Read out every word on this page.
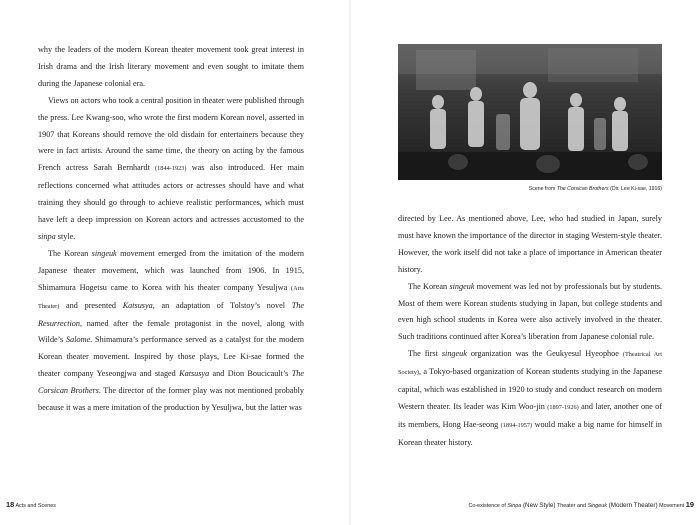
why the leaders of the modern Korean theater movement took great interest in Irish drama and the Irish literary movement and even sought to imitate them during the Japanese colonial era.

Views on actors who took a central position in theater were published through the press. Lee Kwang-soo, who wrote the first modern Korean novel, asserted in 1907 that Koreans should remove the old disdain for entertainers because they were in fact artists. Around the same time, the theory on acting by the famous French actress Sarah Bernhardt (1844-1923) was also introduced. Her main reflections concerned what attitudes actors or actresses should have and what training they should go through to achieve realistic performances, which must have left a deep impression on Korean actors and actresses accustomed to the sinpa style.

The Korean singeuk movement emerged from the imitation of the modern Japanese theater movement, which was launched from 1906. In 1915, Shimamura Hogetsu came to Korea with his theater company Yesuljwa (Arts Theater) and presented Katsusya, an adaptation of Tolstoy’s novel The Resurrection, named after the female protagonist in the novel, along with Wilde’s Salome. Shimamura’s performance served as a catalyst for the modern Korean theater movement. Inspired by those plays, Lee Ki-sae formed the theater company Yeseongjwa and staged Katsusya and Dion Boucicault’s The Corsican Brothers. The director of the former play was not mentioned probably because it was a mere imitation of the production by Yesuljwa, but the latter was

Scene from The Corsican Brothers (Dir. Lee Ki-sae, 1916)

directed by Lee. As mentioned above, Lee, who had studied in Japan, surely must have known the importance of the director in staging Western-style theater. However, the work itself did not take a place of importance in American theater history.

The Korean singeuk movement was led not by professionals but by students. Most of them were Korean students studying in Japan, but college students and even high school students in Korea were also actively involved in the theater. Such traditions continued after Korea’s liberation from Japanese colonial rule.

The first singeuk organization was the Geukyesul Hyeophoe (Theatrical Art Society), a Tokyo-based organization of Korean students studying in the Japanese capital, which was established in 1920 to study and conduct research on modern Western theater. Its leader was Kim Woo-jin (1897-1926) and later, another one of its members, Hong Hae-seong (1894-1957) would make a big name for himself in Korean theater history.

18 Acts and Scenes	Co-existence of Sinpa (New Style) Theater and Singeuk (Modern Theater) Movement 19
